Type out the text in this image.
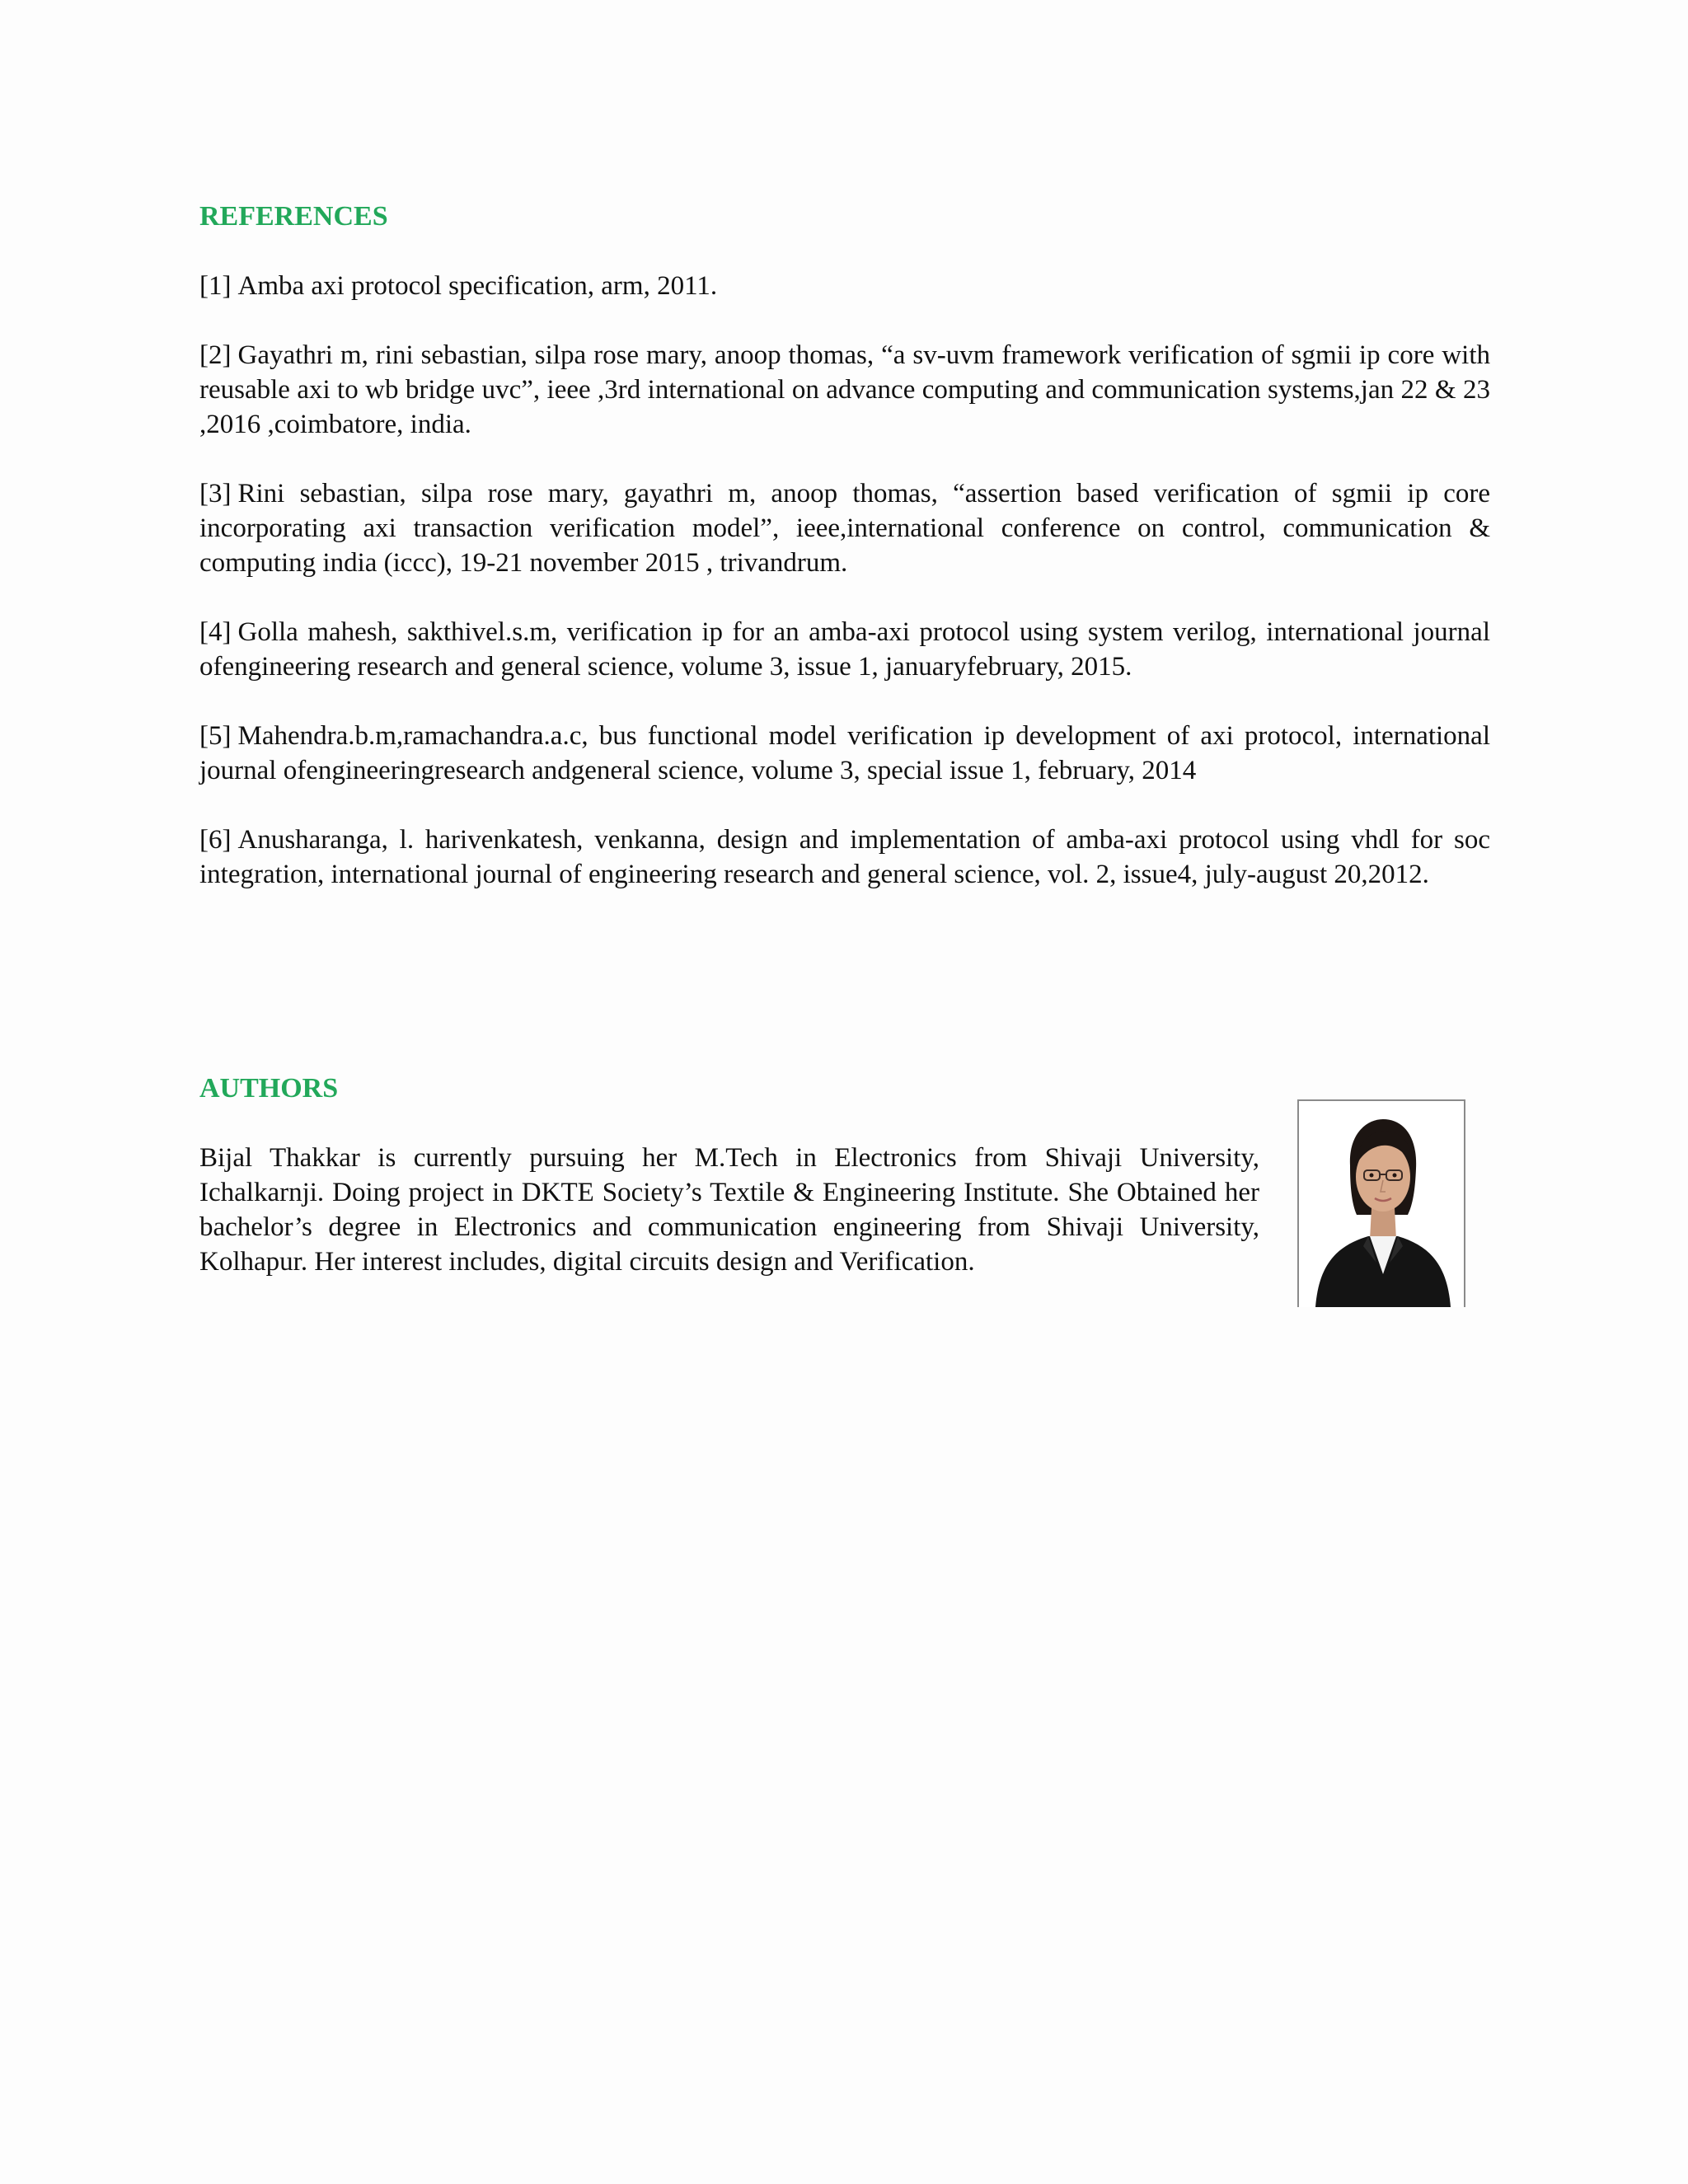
REFERENCES

[1] Amba axi protocol specification, arm, 2011.

[2] Gayathri m, rini sebastian, silpa rose mary, anoop thomas, “a sv-uvm framework verification of sgmii ip core with reusable axi to wb bridge uvc”, ieee ,3rd international on advance computing and communication systems,jan 22 & 23 ,2016 ,coimbatore, india.

[3] Rini sebastian, silpa rose mary, gayathri m, anoop thomas, “assertion based verification of sgmii ip core incorporating axi transaction verification model”, ieee,international conference on control, communication & computing india (iccc), 19-21 november 2015 , trivandrum.

[4] Golla mahesh, sakthivel.s.m, verification ip for an amba-axi protocol using system verilog, international journal ofengineering research and general science, volume 3, issue 1, januaryfebruary, 2015.

[5] Mahendra.b.m,ramachandra.a.c, bus functional model verification ip development of axi protocol, international journal ofengineeringresearch andgeneral science, volume 3, special issue 1, february, 2014

[6] Anusharanga, l. harivenkatesh, venkanna, design and implementation of amba-axi protocol using vhdl for soc integration, international journal of engineering research and general science, vol. 2, issue4, july-august 20,2012.

AUTHORS

Bijal Thakkar is currently pursuing her M.Tech in Electronics from Shivaji University, Ichalkarnji. Doing project in DKTE Society’s Textile & Engineering Institute. She Obtained her bachelor’s degree in Electronics and communication engineering from Shivaji University, Kolhapur. Her interest includes, digital circuits design and Verification.
